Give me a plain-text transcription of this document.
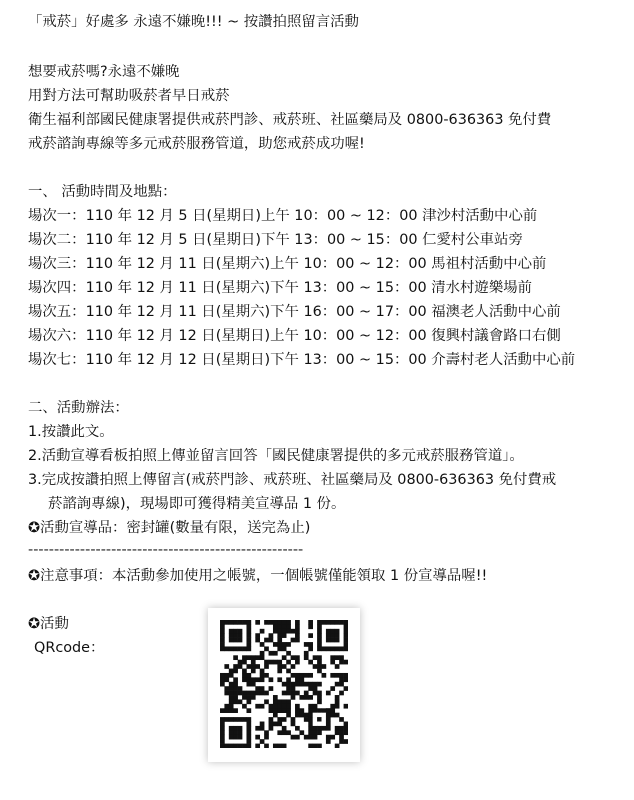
「戒菸」好處多 永遠不嫌晚!!! ~ 按讚拍照留言活動
想要戒菸嗎?永遠不嫌晚
用對方法可幫助吸菸者早日戒菸
衛生福利部國民健康署提供戒菸門診、戒菸班、社區藥局及 0800-636363 免付費
戒菸諮詢專線等多元戒菸服務管道，助您戒菸成功喔!
一、 活動時間及地點：
場次一：110 年 12 月 5 日(星期日)上午 10：00 ~ 12：00 津沙村活動中心前
場次二：110 年 12 月 5 日(星期日)下午 13：00 ~ 15：00 仁愛村公車站旁
場次三：110 年 12 月 11 日(星期六)上午 10：00 ~ 12：00 馬祖村活動中心前
場次四：110 年 12 月 11 日(星期六)下午 13：00 ~ 15：00 清水村遊樂場前
場次五：110 年 12 月 11 日(星期六)下午 16：00 ~ 17：00 福澳老人活動中心前
場次六：110 年 12 月 12 日(星期日)上午 10：00 ~ 12：00 復興村議會路口右側
場次七：110 年 12 月 12 日(星期日)下午 13：00 ~ 15：00 介壽村老人活動中心前
二、活動辦法：
1.按讚此文。
2.活動宣導看板拍照上傳並留言回答「國民健康署提供的多元戒菸服務管道」。
3.完成按讚拍照上傳留言(戒菸門診、戒菸班、社區藥局及 0800-636363 免付費戒
菸諮詢專線)，現場即可獲得精美宣導品 1 份。
✪活動宣導品：密封罐(數量有限，送完為止)
-----------------------------------------------------
✪注意事項：本活動參加使用之帳號，一個帳號僅能領取 1 份宣導品喔!!
✪活動
QRcode：
